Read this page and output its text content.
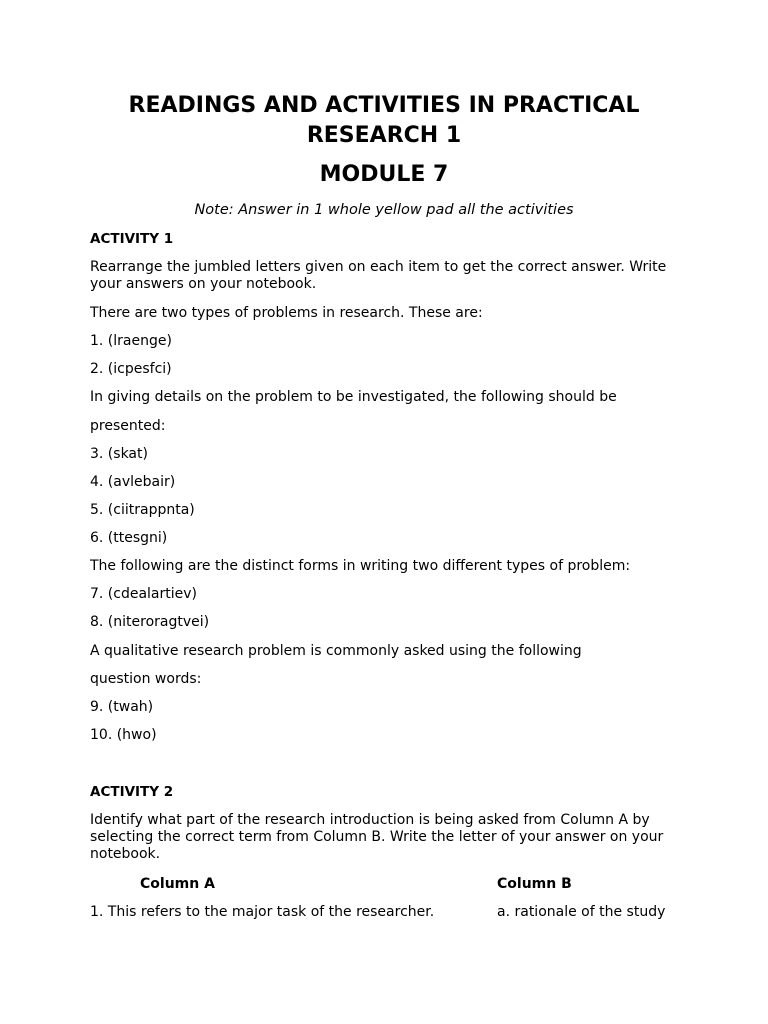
READINGS AND ACTIVITIES IN PRACTICAL RESEARCH 1
MODULE 7
Note: Answer in 1 whole yellow pad all the activities
ACTIVITY 1
Rearrange the jumbled letters given on each item to get the correct answer. Write your answers on your notebook.
There are two types of problems in research. These are:
1. (lraenge)
2. (icpesfci)
In giving details on the problem to be investigated, the following should be
presented:
3. (skat)
4. (avlebair)
5. (ciitrappnta)
6. (ttesgni)
The following are the distinct forms in writing two different types of problem:
7. (cdealartiev)
8. (niteroragtvei)
A qualitative research problem is commonly asked using the following
question words:
9. (twah)
10. (hwo)
ACTIVITY 2
Identify what part of the research introduction is being asked from Column A by selecting the correct term from Column B. Write the letter of your answer on your notebook.
Column A	Column B
1. This refers to the major task of the researcher.	a. rationale of the study
